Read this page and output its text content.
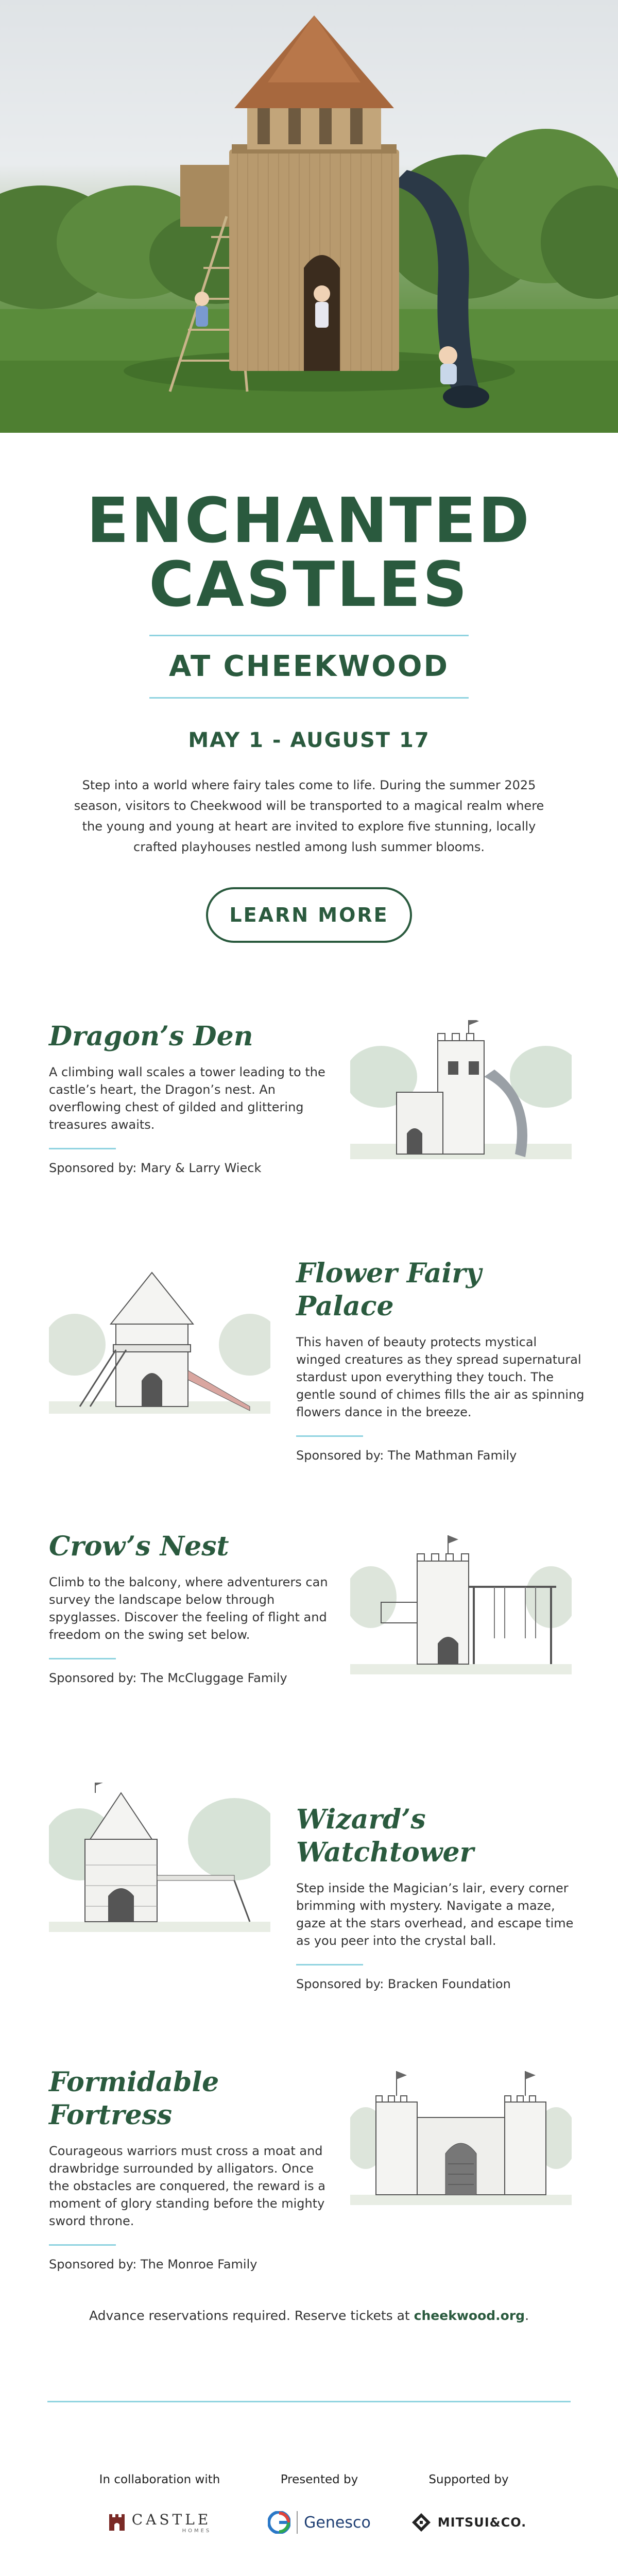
ENCHANTED
CASTLES
AT CHEEKWOOD
MAY 1 - AUGUST 17
Step into a world where fairy tales come to life. During the summer 2025 season, visitors to Cheekwood will be transported to a magical realm where the young and young at heart are invited to explore five stunning, locally crafted playhouses nestled among lush summer blooms.
LEARN MORE
Dragon’s Den
A climbing wall scales a tower leading to the castle’s heart, the Dragon’s nest. An overflowing chest of gilded and glittering treasures awaits.
Sponsored by: Mary & Larry Wieck
Flower Fairy Palace
This haven of beauty protects mystical winged creatures as they spread supernatural stardust upon everything they touch. The gentle sound of chimes fills the air as spinning flowers dance in the breeze.
Sponsored by: The Mathman Family
Crow’s Nest
Climb to the balcony, where adventurers can survey the landscape below through spyglasses. Discover the feeling of flight and freedom on the swing set below.
Sponsored by: The McCluggage Family
Wizard’s Watchtower
Step inside the Magician’s lair, every corner brimming with mystery. Navigate a maze, gaze at the stars overhead, and escape time as you peer into the crystal ball.
Sponsored by: Bracken Foundation
Formidable Fortress
Courageous warriors must cross a moat and drawbridge surrounded by alligators. Once the obstacles are conquered, the reward is a moment of glory standing before the mighty sword throne.
Sponsored by: The Monroe Family
Advance reservations required. Reserve tickets at cheekwood.org.
In collaboration with
CASTLE
HOMES
Presented by
Genesco
Supported by
MITSUI&CO.
